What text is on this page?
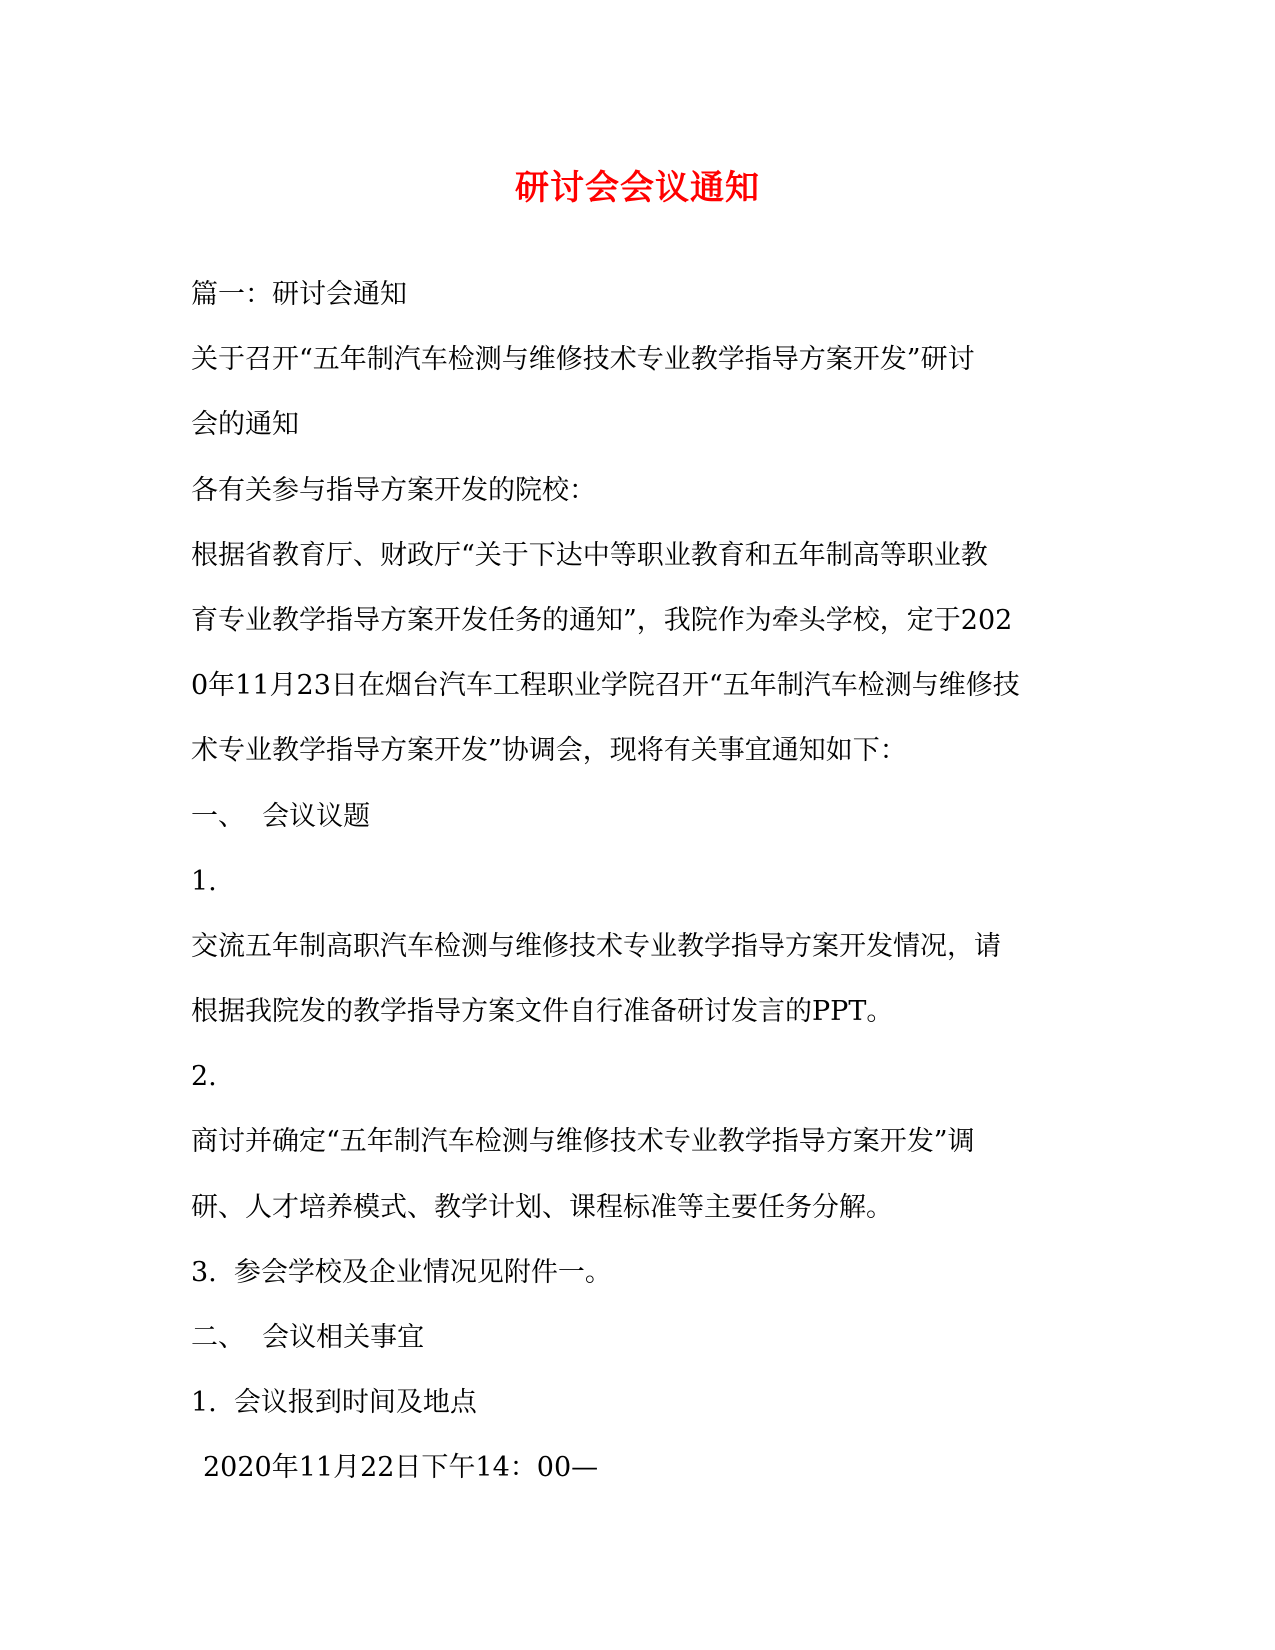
研讨会会议通知
篇一：研讨会通知
关于召开“五年制汽车检测与维修技术专业教学指导方案开发”研讨
会的通知
各有关参与指导方案开发的院校：
根据省教育厅、财政厅“关于下达中等职业教育和五年制高等职业教
育专业教学指导方案开发任务的通知”，我院作为牵头学校，定于202
0年11月23日在烟台汽车工程职业学院召开“五年制汽车检测与维修技
术专业教学指导方案开发”协调会，现将有关事宜通知如下：
一、  会议议题
1.
交流五年制高职汽车检测与维修技术专业教学指导方案开发情况，请
根据我院发的教学指导方案文件自行准备研讨发言的PPT。
2.
商讨并确定“五年制汽车检测与维修技术专业教学指导方案开发”调
研、人才培养模式、教学计划、课程标准等主要任务分解。
3.  参会学校及企业情况见附件一。
二、  会议相关事宜
1.  会议报到时间及地点
2020年11月22日下午14：00—
